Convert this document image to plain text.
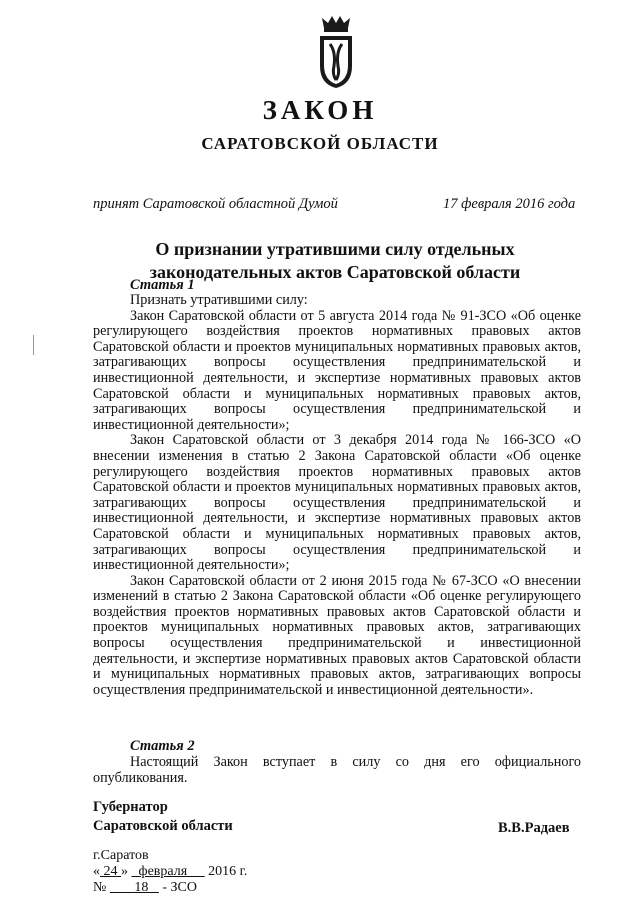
ЗАКОН
САРАТОВСКОЙ ОБЛАСТИ
принят Саратовской областной Думой	17 февраля 2016 года
О признании утратившими силу отдельных
законодательных актов Саратовской области
Статья 1

Признать утратившими силу:

Закон Саратовской области от 5 августа 2014 года № 91-ЗСО «Об оценке регулирующего воздействия проектов нормативных правовых актов Саратовской области и проектов муниципальных нормативных правовых актов, затрагивающих вопросы осуществления предпринимательской и инвестиционной деятельности, и экспертизе нормативных правовых актов Саратовской области и муниципальных нормативных правовых актов, затрагивающих вопросы осуществления предпринимательской и инвестиционной деятельности»;

Закон Саратовской области от 3 декабря 2014 года № 166-ЗСО «О внесении изменения в статью 2 Закона Саратовской области «Об оценке регулирующего воздействия проектов нормативных правовых актов Саратовской области и проектов муниципальных нормативных правовых актов, затрагивающих вопросы осуществления предпринимательской и инвестиционной деятельности, и экспертизе нормативных правовых актов Саратовской области и муниципальных нормативных правовых актов, затрагивающих вопросы осуществления предпринимательской и инвестиционной деятельности»;

Закон Саратовской области от 2 июня 2015 года № 67-ЗСО «О внесении изменений в статью 2 Закона Саратовской области «Об оценке регулирующего воздействия проектов нормативных правовых актов Саратовской области и проектов муниципальных нормативных правовых актов, затрагивающих вопросы осуществления предпринимательской и инвестиционной деятельности, и экспертизе нормативных правовых актов Саратовской области и муниципальных нормативных правовых актов, затрагивающих вопросы осуществления предпринимательской и инвестиционной деятельности».

Статья 2

Настоящий Закон вступает в силу со дня его официального опубликования.

Губернатор
Саратовской области	В.В.Радаев
г.Саратов
« 24 »   февраля      2016 г.
№        18    - ЗСО
